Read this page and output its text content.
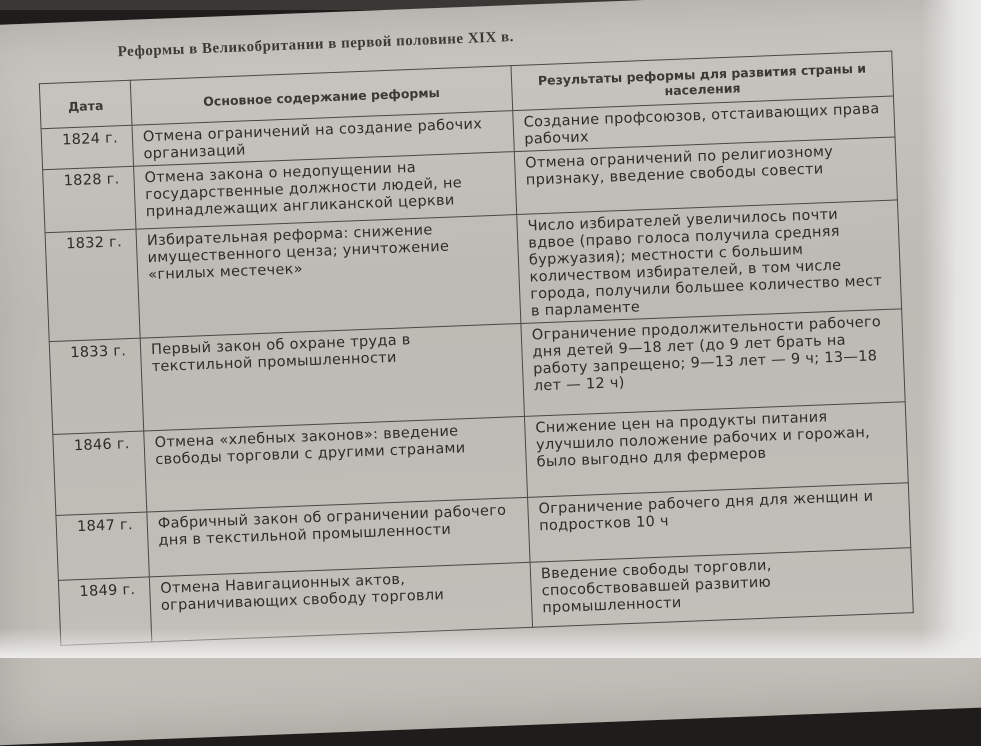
Реформы в Великобритании в первой половине XIX в.
Дата	Основное содержание реформы	Результаты реформы для развития страны и населения
1824 г.	Отмена ограничений на создание рабочих организаций	Создание профсоюзов, отстаивающих права рабочих
1828 г.	Отмена закона о недопущении на государственные должности людей, не принадлежащих англиканской церкви	Отмена ограничений по религиозному признаку, введение свободы совести
1832 г.	Избирательная реформа: снижение имущественного ценза; уничтожение «гнилых местечек»	Число избирателей увеличилось почти вдвое (право голоса получила средняя буржуазия); местности с большим количеством избирателей, в том числе города, получили большее количество мест в парламенте
1833 г.	Первый закон об охране труда в текстильной промышленности	Ограничение продолжительности рабочего дня детей 9—18 лет (до 9 лет брать на работу запрещено; 9—13 лет — 9 ч; 13—18 лет — 12 ч)
1846 г.	Отмена «хлебных законов»: введение свободы торговли с другими странами	Снижение цен на продукты питания улучшило положение рабочих и горожан, было выгодно для фермеров
1847 г.	Фабричный закон об ограничении рабочего дня в текстильной промышленности	Ограничение рабочего дня для женщин и подростков 10 ч
1849 г.	Отмена Навигационных актов, ограничивающих свободу торговли	Введение свободы торговли, способствовавшей развитию промышленности
